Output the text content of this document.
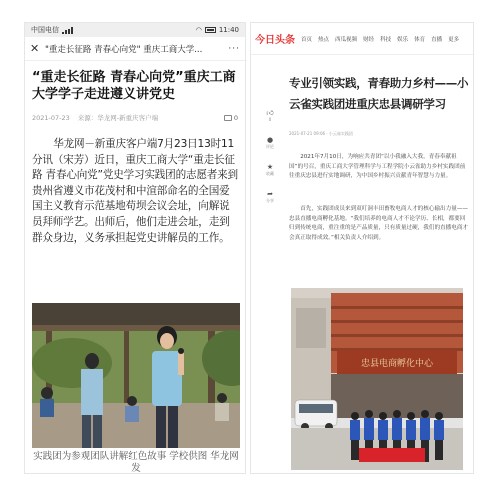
中国电信	◠ 11:40
✕ "重走长征路 青春心向党" 重庆工商大学...	···
“重走长征路 青春心向党”重庆工商大学学子走进遵义讲党史
2021-07-23 来源：华龙网-新重庆客户端	0
华龙网－新重庆客户端7月23日13时11分讯（宋芳）近日，重庆工商大学“重走长征路 青春心向党”党史学习实践团的志愿者来到贵州省遵义市花茂村和中渲部命名的全国爱国主义教育示范基地苟坝会议会址，向解说员拜师学艺。出师后，他们走进会址，走到群众身边，义务承担起党史讲解员的工作。
实践团为参观团队讲解红色故事 学校供图 华龙网发
今日头条 首页 热点 西瓜视频 财经 科技 娱乐 体育 直播 更多
👍︎
0
●
评论
★
收藏
➦
分享
专业引领实践，青春助力乡村——小云雀实践团进重庆忠县调研学习
2021-07-21 09:06 · 小云雀实践团
2021年7月10日，为响应共青团“以小我融入大我，青春奉献祖国”的号召，重庆工商大学管理科学与工程学院小云雀助力乡村实践团前往重庆忠县进行实地调研，为中国乡村振兴贡献青年智慧与力量。
首先，实践团成员来到双叮洞丰田畜牧电商人才的核心输出力量——忠县直播电商孵化基地。“我们培养的电商人才不论学历、长相，都要回归到传统电商，重注重的是产品质量，只有质量过硬，我们的直播电商才会真正取得成效。”相关负责人介绍到。
忠县电商孵化中心
